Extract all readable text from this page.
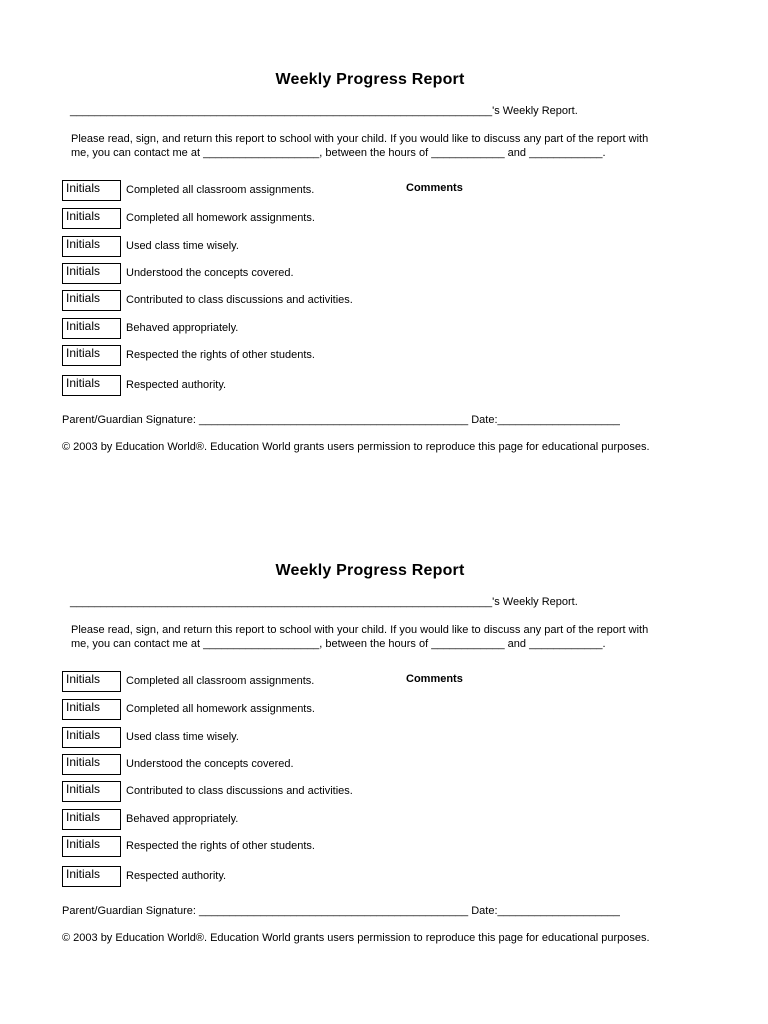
Weekly Progress Report
_____________________________________________________________________'s Weekly Report.
Please read, sign, and return this report to school with your child. If you would like to discuss any part of the report with
me, you can contact me at ___________________, between the hours of ____________ and ____________.
Comments
Initials	Completed all classroom assignments.
Initials	Completed all homework assignments.
Initials	Used class time wisely.
Initials	Understood the concepts covered.
Initials	Contributed to class discussions and activities.
Initials	Behaved appropriately.
Initials	Respected the rights of other students.
Initials	Respected authority.
Parent/Guardian Signature: ____________________________________________ Date:____________________
© 2003 by Education World®. Education World grants users permission to reproduce this page for educational purposes.
Weekly Progress Report
_____________________________________________________________________'s Weekly Report.
Please read, sign, and return this report to school with your child. If you would like to discuss any part of the report with
me, you can contact me at ___________________, between the hours of ____________ and ____________.
Comments
Initials	Completed all classroom assignments.
Initials	Completed all homework assignments.
Initials	Used class time wisely.
Initials	Understood the concepts covered.
Initials	Contributed to class discussions and activities.
Initials	Behaved appropriately.
Initials	Respected the rights of other students.
Initials	Respected authority.
Parent/Guardian Signature: ____________________________________________ Date:____________________
© 2003 by Education World®. Education World grants users permission to reproduce this page for educational purposes.
